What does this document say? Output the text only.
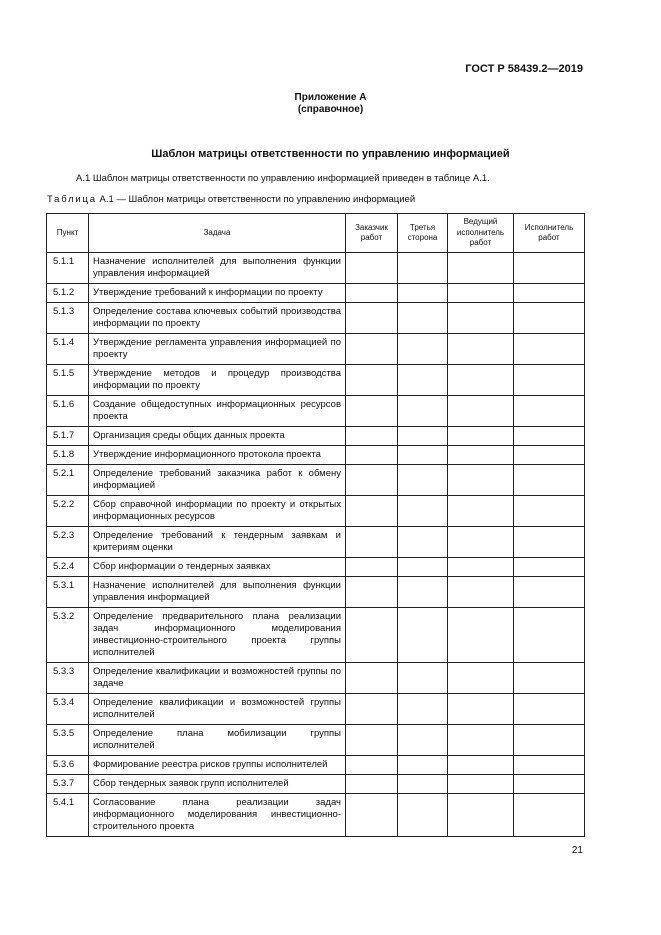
ГОСТ Р 58439.2—2019
Приложение А
(справочное)
Шаблон матрицы ответственности по управлению информацией
А.1 Шаблон матрицы ответственности по управлению информацией приведен в таблице А.1.
Таблица А.1 — Шаблон матрицы ответственности по управлению информацией
Пункт	Задача	Заказчик работ	Третья сторона	Ведущий исполнитель работ	Исполнитель работ
5.1.1	Назначение исполнителей для выполнения функции управления информацией				
5.1.2	Утверждение требований к информации по проекту				
5.1.3	Определение состава ключевых событий производства информации по проекту				
5.1.4	Утверждение регламента управления информацией по проекту				
5.1.5	Утверждение методов и процедур производства информации по проекту				
5.1.6	Создание общедоступных информационных ресурсов проекта				
5.1.7	Организация среды общих данных проекта				
5.1.8	Утверждение информационного протокола проекта				
5.2.1	Определение требований заказчика работ к обмену информацией				
5.2.2	Сбор справочной информации по проекту и открытых информационных ресурсов				
5.2.3	Определение требований к тендерным заявкам и критериям оценки				
5.2.4	Сбор информации о тендерных заявках				
5.3.1	Назначение исполнителей для выполнения функции управления информацией				
5.3.2	Определение предварительного плана реализации задач информационного моделирования инвестиционно-строительного проекта группы исполнителей				
5.3.3	Определение квалификации и возможностей группы по задаче				
5.3.4	Определение квалификации и возможностей группы исполнителей				
5.3.5	Определение плана мобилизации группы исполнителей				
5.3.6	Формирование реестра рисков группы исполнителей				
5.3.7	Сбор тендерных заявок групп исполнителей				
5.4.1	Согласование плана реализации задач информационного моделирования инвестиционно-строительного проекта				
21
